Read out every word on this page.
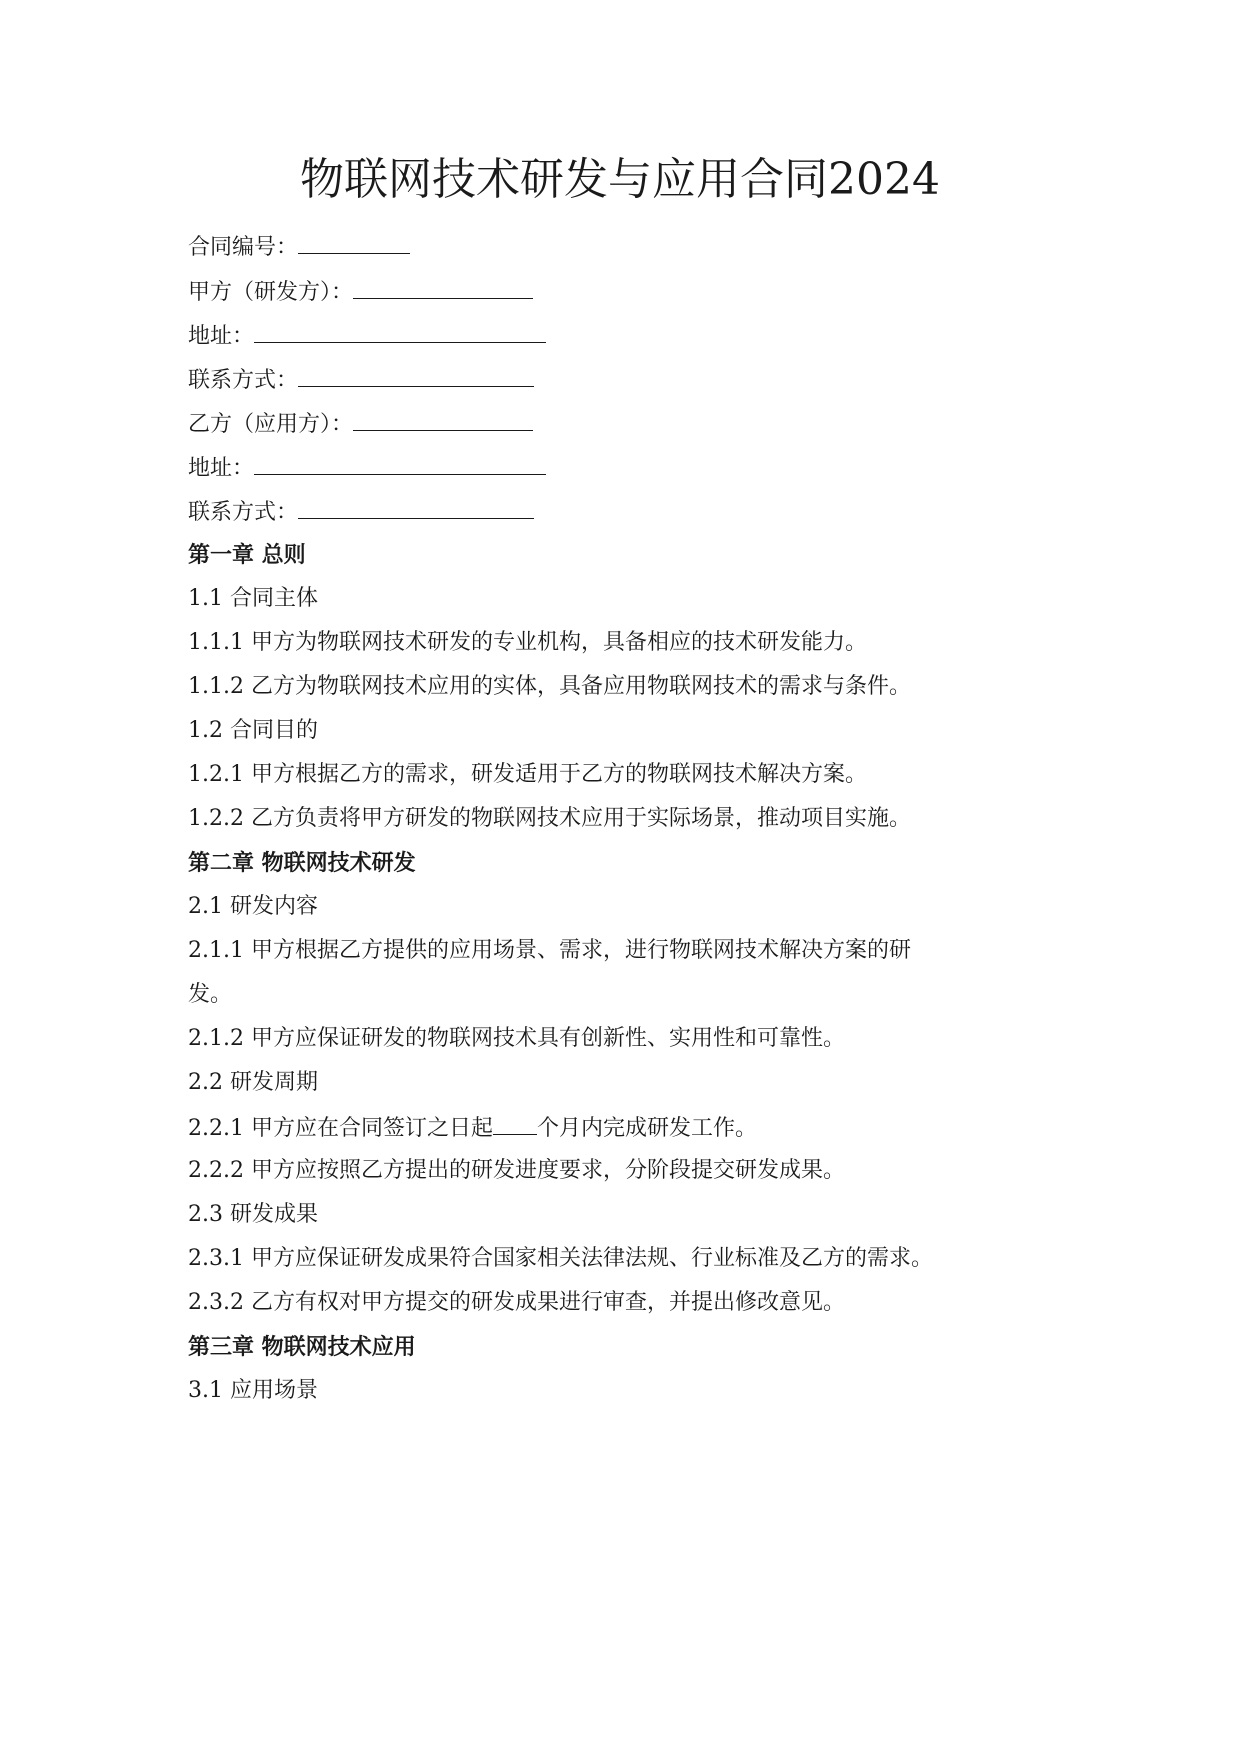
物联网技术研发与应用合同2024
合同编号：
甲方（研发方）：
地址：
联系方式：
乙方（应用方）：
地址：
联系方式：
第一章 总则
1.1 合同主体
1.1.1 甲方为物联网技术研发的专业机构，具备相应的技术研发能力。
1.1.2 乙方为物联网技术应用的实体，具备应用物联网技术的需求与条件。
1.2 合同目的
1.2.1 甲方根据乙方的需求，研发适用于乙方的物联网技术解决方案。
1.2.2 乙方负责将甲方研发的物联网技术应用于实际场景，推动项目实施。
第二章 物联网技术研发
2.1 研发内容
2.1.1 甲方根据乙方提供的应用场景、需求，进行物联网技术解决方案的研
发。
2.1.2 甲方应保证研发的物联网技术具有创新性、实用性和可靠性。
2.2 研发周期
2.2.1 甲方应在合同签订之日起 个月内完成研发工作。
2.2.2 甲方应按照乙方提出的研发进度要求，分阶段提交研发成果。
2.3 研发成果
2.3.1 甲方应保证研发成果符合国家相关法律法规、行业标准及乙方的需求。
2.3.2 乙方有权对甲方提交的研发成果进行审查，并提出修改意见。
第三章 物联网技术应用
3.1 应用场景
